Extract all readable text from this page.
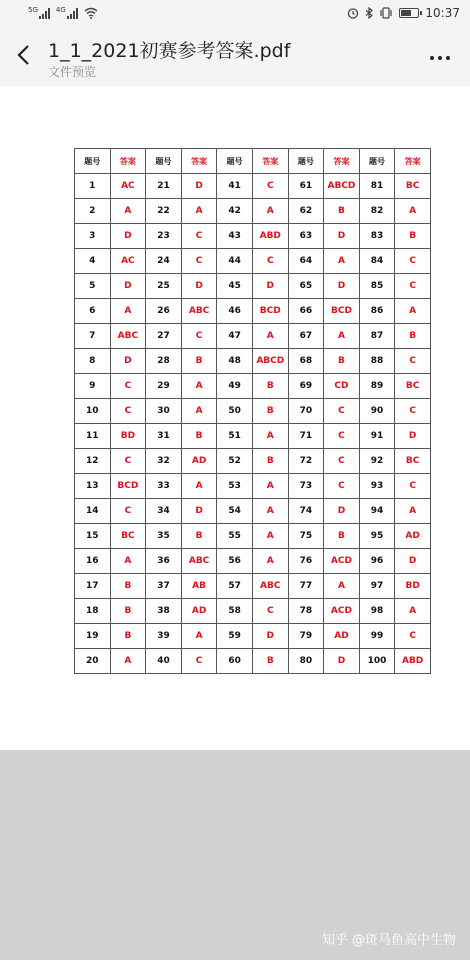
5G	4G	10:37
1_1_2021初赛参考答案.pdf
文件预览
题号	答案	题号	答案	题号	答案	题号	答案	题号	答案
1	AC	21	D	41	C	61	ABCD	81	BC
2	A	22	A	42	A	62	B	82	A
3	D	23	C	43	ABD	63	D	83	B
4	AC	24	C	44	C	64	A	84	C
5	D	25	D	45	D	65	D	85	C
6	A	26	ABC	46	BCD	66	BCD	86	A
7	ABC	27	C	47	A	67	A	87	B
8	D	28	B	48	ABCD	68	B	88	C
9	C	29	A	49	B	69	CD	89	BC
10	C	30	A	50	B	70	C	90	C
11	BD	31	B	51	A	71	C	91	D
12	C	32	AD	52	B	72	C	92	BC
13	BCD	33	A	53	A	73	C	93	C
14	C	34	D	54	A	74	D	94	A
15	BC	35	B	55	A	75	B	95	AD
16	A	36	ABC	56	A	76	ACD	96	D
17	B	37	AB	57	ABC	77	A	97	BD
18	B	38	AD	58	C	78	ACD	98	A
19	B	39	A	59	D	79	AD	99	C
20	A	40	C	60	B	80	D	100	ABD
知乎 @斑马鱼高中生物
